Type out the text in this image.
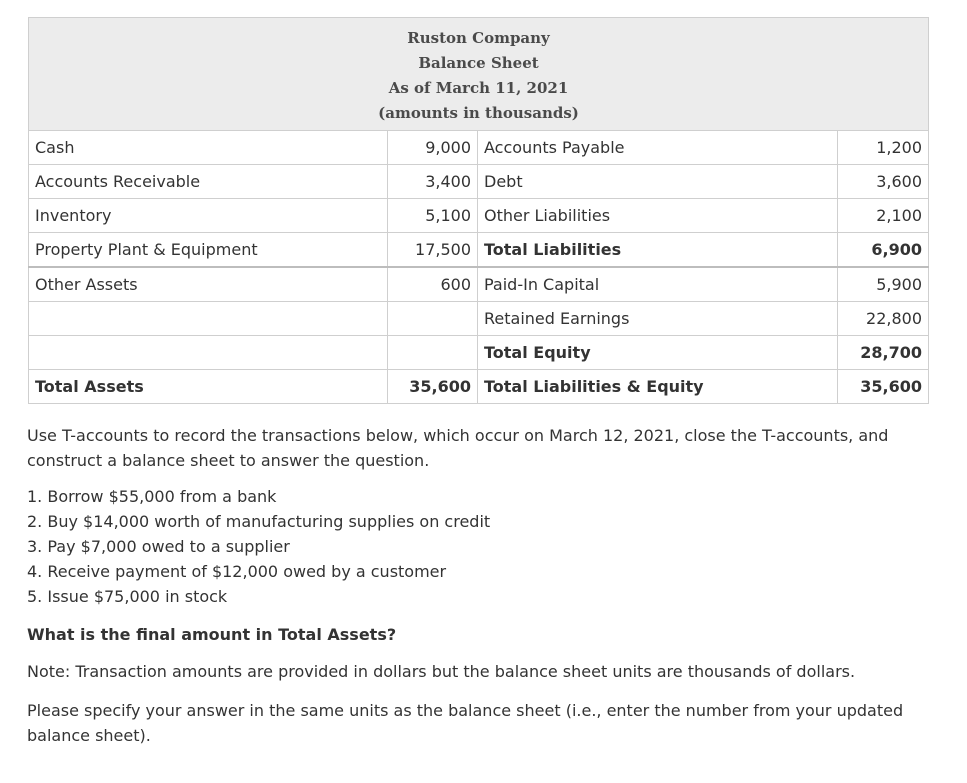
Ruston Company
Balance Sheet
As of March 11, 2021
(amounts in thousands)			

Cash	9,000	Accounts Payable	1,200
Accounts Receivable	3,400	Debt	3,600
Inventory	5,100	Other Liabilities	2,100
Property Plant & Equipment	17,500	Total Liabilities	6,900
Other Assets	600	Paid-In Capital	5,900
		Retained Earnings	22,800
		Total Equity	28,700
Total Assets	35,600	Total Liabilities & Equity	35,600

Use T-accounts to record the transactions below, which occur on March 12, 2021, close the T-accounts, and construct a balance sheet to answer the question.

1. Borrow $55,000 from a bank
2. Buy $14,000 worth of manufacturing supplies on credit
3. Pay $7,000 owed to a supplier
4. Receive payment of $12,000 owed by a customer
5. Issue $75,000 in stock

What is the final amount in Total Assets?

Note: Transaction amounts are provided in dollars but the balance sheet units are thousands of dollars.

Please specify your answer in the same units as the balance sheet (i.e., enter the number from your updated balance sheet).
